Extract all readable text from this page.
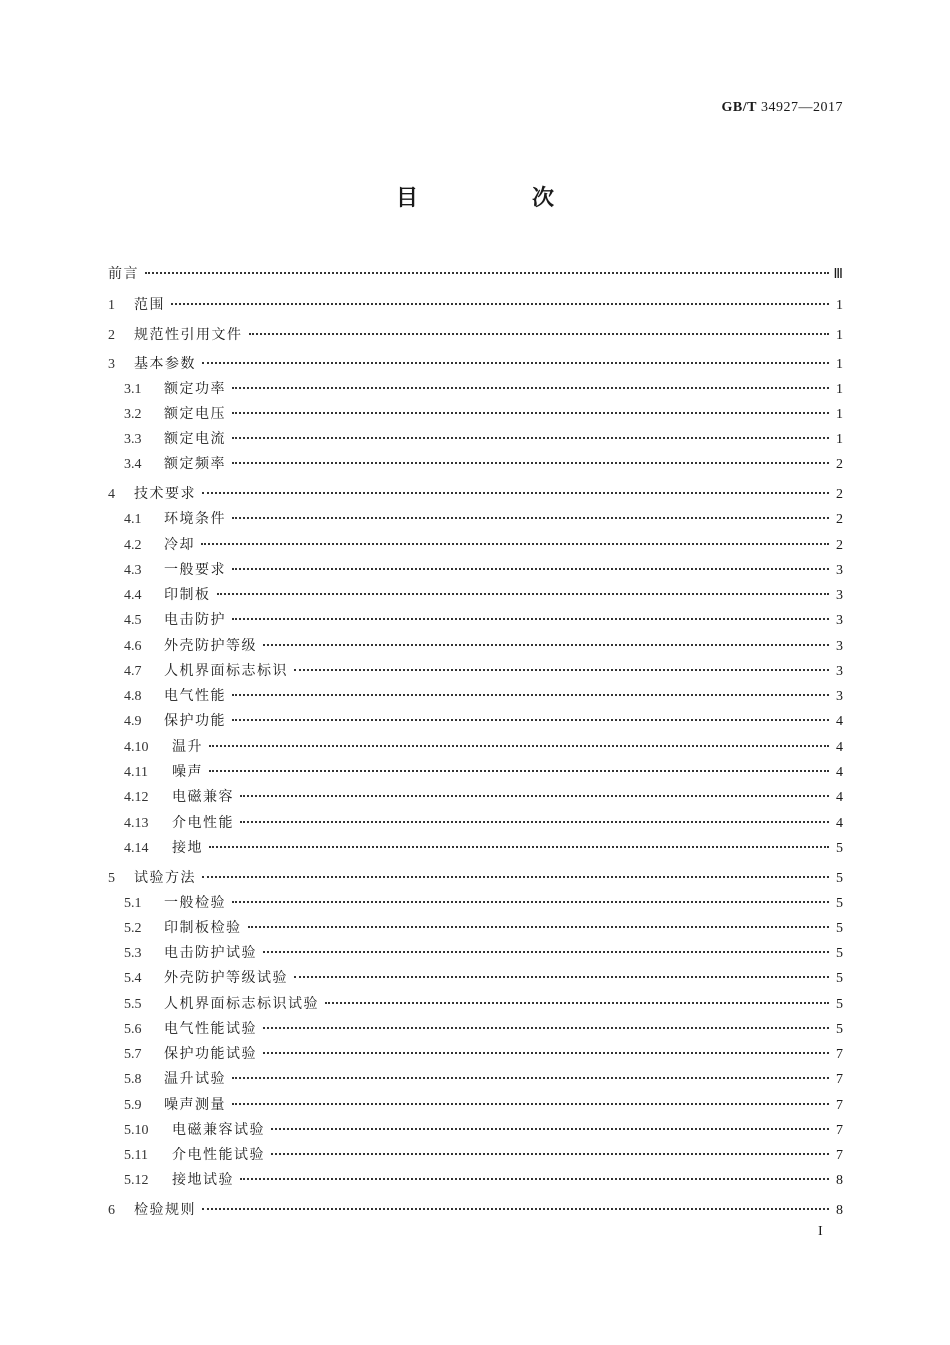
GB/T 34927—2017
目　次
前言	Ⅲ
1	范围	1
2	规范性引用文件	1
3	基本参数	1
3.1	额定功率	1
3.2	额定电压	1
3.3	额定电流	1
3.4	额定频率	2
4	技术要求	2
4.1	环境条件	2
4.2	冷却	2
4.3	一般要求	3
4.4	印制板	3
4.5	电击防护	3
4.6	外壳防护等级	3
4.7	人机界面标志标识	3
4.8	电气性能	3
4.9	保护功能	4
4.10	温升	4
4.11	噪声	4
4.12	电磁兼容	4
4.13	介电性能	4
4.14	接地	5
5	试验方法	5
5.1	一般检验	5
5.2	印制板检验	5
5.3	电击防护试验	5
5.4	外壳防护等级试验	5
5.5	人机界面标志标识试验	5
5.6	电气性能试验	5
5.7	保护功能试验	7
5.8	温升试验	7
5.9	噪声测量	7
5.10	电磁兼容试验	7
5.11	介电性能试验	7
5.12	接地试验	8
6	检验规则	8
I
